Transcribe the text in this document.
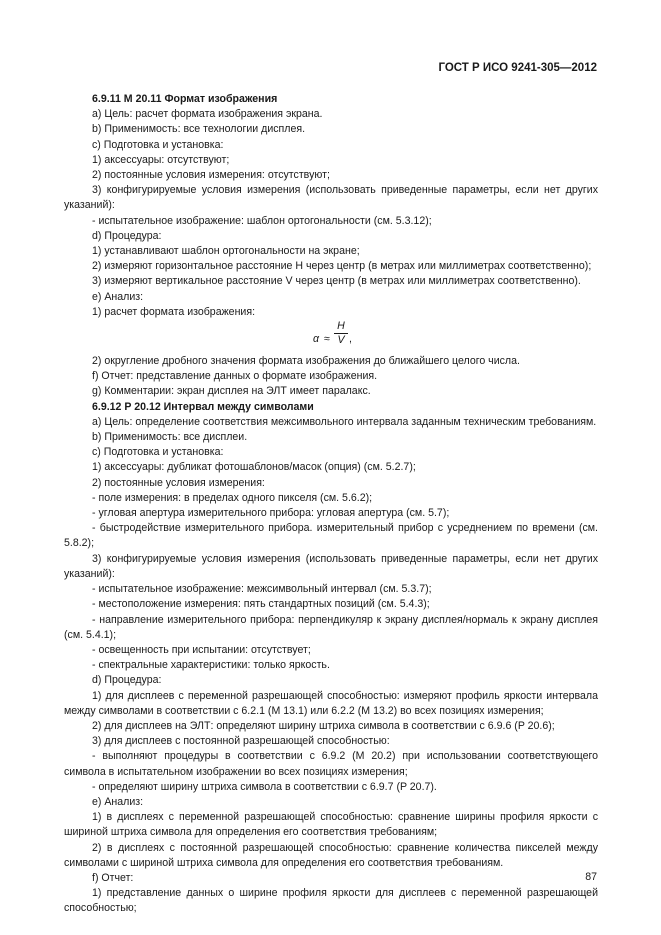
ГОСТ Р ИСО 9241-305—2012

6.9.11 M 20.11 Формат изображения

a) Цель: расчет формата изображения экрана.

b) Применимость: все технологии дисплея.

c) Подготовка и установка:

1) аксессуары: отсутствуют;

2) постоянные условия измерения: отсутствуют;

3) конфигурируемые условия измерения (использовать приведенные параметры, если нет других указаний):

- испытательное изображение: шаблон ортогональности (см. 5.3.12);

d) Процедура:

1) устанавливают шаблон ортогональности на экране;

2) измеряют горизонтальное расстояние H через центр (в метрах или миллиметрах соответственно);

3) измеряют вертикальное расстояние V через центр (в метрах или миллиметрах соответственно).

e) Анализ:

1) расчет формата изображения:

α ≈
H
V ,

2) округление дробного значения формата изображения до ближайшего целого числа.

f) Отчет: представление данных о формате изображения.

g) Комментарии: экран дисплея на ЭЛТ имеет паралакс.

6.9.12 P 20.12 Интервал между символами

a) Цель: определение соответствия межсимвольного интервала заданным техническим требованиям.

b) Применимость: все дисплеи.

c) Подготовка и установка:

1) аксессуары: дубликат фотошаблонов/масок (опция) (см. 5.2.7);

2) постоянные условия измерения:

- поле измерения: в пределах одного пикселя (см. 5.6.2);

- угловая апертура измерительного прибора: угловая апертура (см. 5.7);

- быстродействие измерительного прибора. измерительный прибор с усреднением по времени (см. 5.8.2);

3) конфигурируемые условия измерения (использовать приведенные параметры, если нет других указаний):

- испытательное изображение: межсимвольный интервал (см. 5.3.7);

- местоположение измерения: пять стандартных позиций (см. 5.4.3);

- направление измерительного прибора: перпендикуляр к экрану дисплея/нормаль к экрану дисплея (см. 5.4.1);

- освещенность при испытании: отсутствует;

- спектральные характеристики: только яркость.

d) Процедура:

1) для дисплеев с переменной разрешающей способностью: измеряют профиль яркости интервала между символами в соответствии с 6.2.1 (M 13.1) или 6.2.2 (M 13.2) во всех позициях измерения;

2) для дисплеев на ЭЛТ: определяют ширину штриха символа в соответствии с 6.9.6 (P 20.6);

3) для дисплеев с постоянной разрешающей способностью:

- выполняют процедуры в соответствии с 6.9.2 (M 20.2) при использовании соответствующего символа в испытательном изображении во всех позициях измерения;

- определяют ширину штриха символа в соответствии с 6.9.7 (P 20.7).

e) Анализ:

1) в дисплеях с переменной разрешающей способностью: сравнение ширины профиля яркости с шириной штриха символа для определения его соответствия требованиям;

2) в дисплеях с постоянной разрешающей способностью: сравнение количества пикселей между символами с шириной штриха символа для определения его соответствия требованиям.

f) Отчет:

1) представление данных о ширине профиля яркости для дисплеев с переменной разрешающей способностью;

87
